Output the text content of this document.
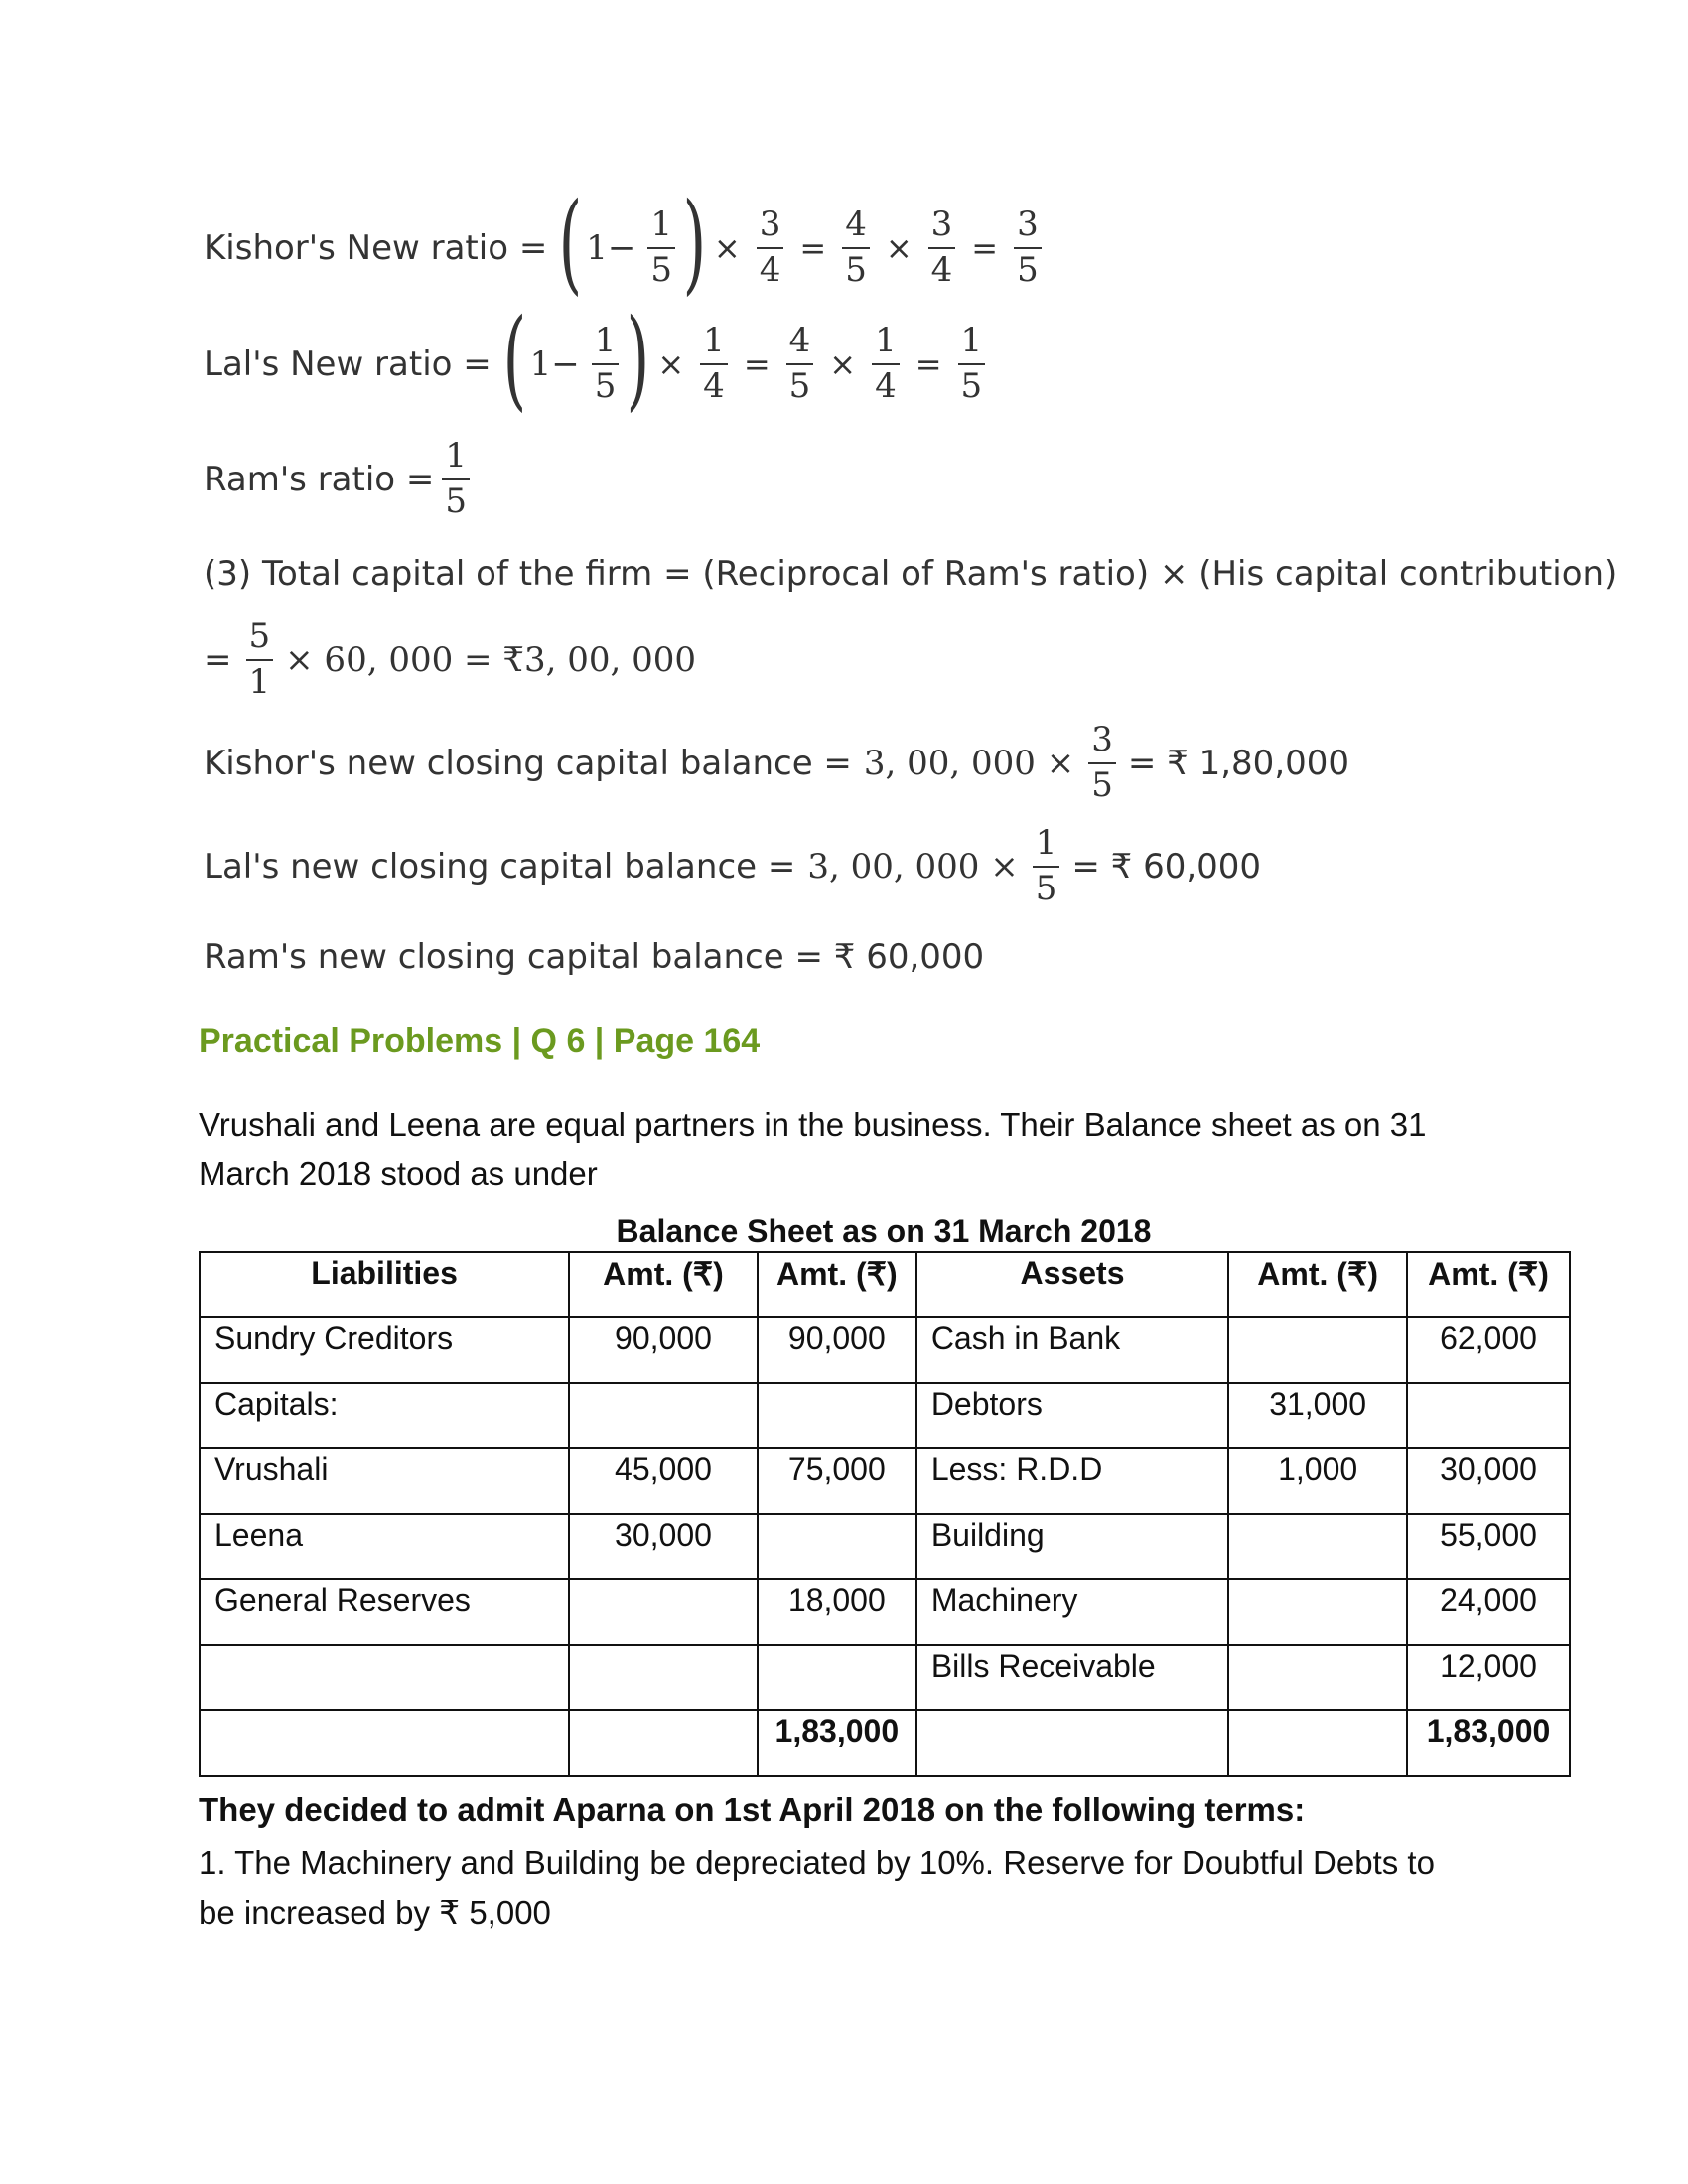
Kishor's New ratio = ( $1- \frac{1}{5}$ ) × $\frac{3}{4} = \frac{4}{5} \times \frac{3}{4} = \frac{3}{5}$
Lal's New ratio = ( $1- \frac{1}{5}$ ) × $\frac{1}{4} = \frac{4}{5} \times \frac{1}{4} = \frac{1}{5}$
Ram's ratio = $\frac{1}{5}$
(3) Total capital of the firm = (Reciprocal of Ram's ratio) × (His capital contribution)
= $\frac{5}{1} \times 60$, 000 = ₹3, 00, 000
Kishor's new closing capital balance = 3, 00, $000 \times \frac{3}{5}$ = ₹ 1,80,000
Lal's new closing capital balance = 3, 00, $000 \times \frac{1}{5}$ = ₹ 60,000
Ram's new closing capital balance = ₹ 60,000
Practical Problems | Q 6 | Page 164
Vrushali and Leena are equal partners in the business. Their Balance sheet as on 31
March 2018 stood as under
Balance Sheet as on 31 March 2018
Liabilities	Amt. (₹)	Amt. (₹)	Assets	Amt. (₹)	Amt. (₹)
Sundry Creditors	90,000	90,000	Cash in Bank		62,000
Capitals:			Debtors	31,000	
Vrushali	45,000	75,000	Less: R.D.D	1,000	30,000
Leena	30,000		Building		55,000
General Reserves		18,000	Machinery		24,000
			Bills Receivable		12,000
		1,83,000			1,83,000
They decided to admit Aparna on 1st April 2018 on the following terms:
1. The Machinery and Building be depreciated by 10%. Reserve for Doubtful Debts to
be increased by ₹ 5,000
